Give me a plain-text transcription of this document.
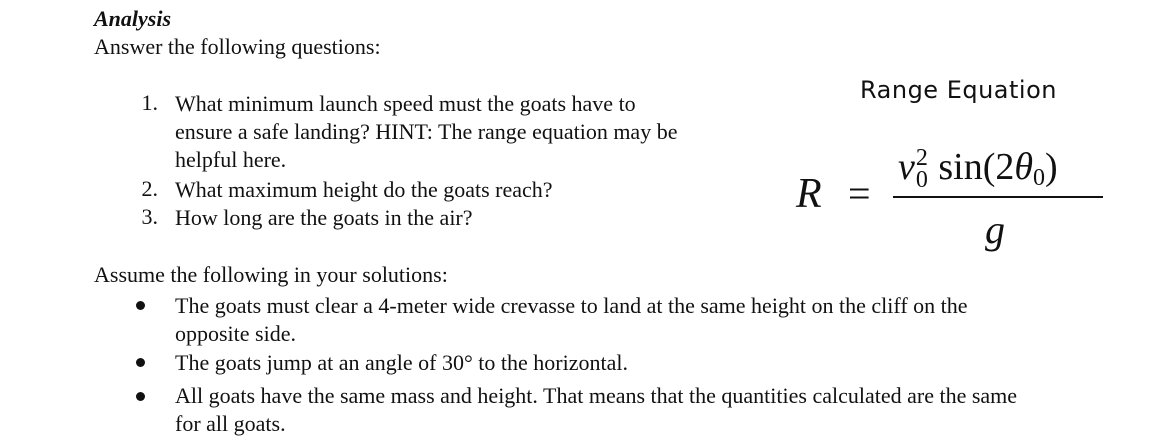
Analysis
Answer the following questions:
1. What minimum launch speed must the goats have to
ensure a safe landing? HINT: The range equation may be
helpful here.
2. What maximum height do the goats reach?
3. How long are the goats in the air?
Range Equation
R =
v 2
0 sin(2θ0)
g
Assume the following in your solutions:
The goats must clear a 4-meter wide crevasse to land at the same height on the cliff on the
opposite side.
The goats jump at an angle of 30° to the horizontal.
All goats have the same mass and height. That means that the quantities calculated are the same
for all goats.
